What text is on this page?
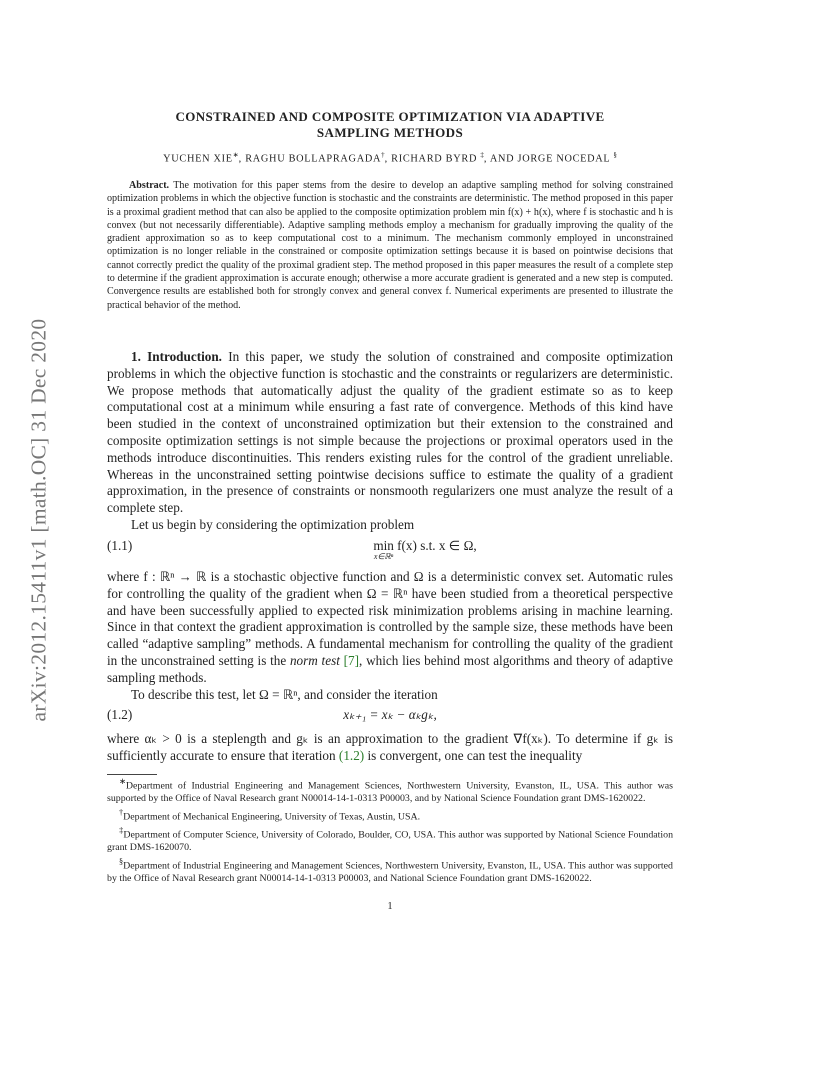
arXiv:2012.15411v1 [math.OC] 31 Dec 2020
CONSTRAINED AND COMPOSITE OPTIMIZATION VIA ADAPTIVE
SAMPLING METHODS
YUCHEN XIE∗, RAGHU BOLLAPRAGADA†, RICHARD BYRD ‡, AND JORGE NOCEDAL §
Abstract. The motivation for this paper stems from the desire to develop an adaptive sampling method for solving constrained optimization problems in which the objective function is stochastic and the constraints are deterministic. The method proposed in this paper is a proximal gradient method that can also be applied to the composite optimization problem min f(x) + h(x), where f is stochastic and h is convex (but not necessarily differentiable). Adaptive sampling methods employ a mechanism for gradually improving the quality of the gradient approximation so as to keep computational cost to a minimum. The mechanism commonly employed in unconstrained optimization is no longer reliable in the constrained or composite optimization settings because it is based on pointwise decisions that cannot correctly predict the quality of the proximal gradient step. The method proposed in this paper measures the result of a complete step to determine if the gradient approximation is accurate enough; otherwise a more accurate gradient is generated and a new step is computed. Convergence results are established both for strongly convex and general convex f. Numerical experiments are presented to illustrate the practical behavior of the method.
1. Introduction. In this paper, we study the solution of constrained and composite optimization problems in which the objective function is stochastic and the constraints or regularizers are deterministic. We propose methods that automatically adjust the quality of the gradient estimate so as to keep computational cost at a minimum while ensuring a fast rate of convergence. Methods of this kind have been studied in the context of unconstrained optimization but their extension to the constrained and composite optimization settings is not simple because the projections or proximal operators used in the methods introduce discontinuities. This renders existing rules for the control of the gradient unreliable. Whereas in the unconstrained setting pointwise decisions suffice to estimate the quality of a gradient approximation, in the presence of constraints or nonsmooth regularizers one must analyze the result of a complete step.
Let us begin by considering the optimization problem
(1.1)	min
x∈ℝⁿ
f(x) s.t. x ∈ Ω,
where f : ℝⁿ → ℝ is a stochastic objective function and Ω is a deterministic convex set. Automatic rules for controlling the quality of the gradient when Ω = ℝⁿ have been studied from a theoretical perspective and have been successfully applied to expected risk minimization problems arising in machine learning. Since in that context the gradient approximation is controlled by the sample size, these methods have been called “adaptive sampling” methods. A fundamental mechanism for controlling the quality of the gradient in the unconstrained setting is the norm test [7], which lies behind most algorithms and theory of adaptive sampling methods.
To describe this test, let Ω = ℝⁿ, and consider the iteration
(1.2)	xₖ₊₁ = xₖ − αₖgₖ,
where αₖ > 0 is a steplength and gₖ is an approximation to the gradient ∇f(xₖ). To determine if gₖ is sufficiently accurate to ensure that iteration (1.2) is convergent, one can test the inequality

∗Department of Industrial Engineering and Management Sciences, Northwestern University, Evanston, IL, USA. This author was supported by the Office of Naval Research grant N00014-14-1-0313 P00003, and by National Science Foundation grant DMS-1620022.

†Department of Mechanical Engineering, University of Texas, Austin, USA.

‡Department of Computer Science, University of Colorado, Boulder, CO, USA. This author was supported by National Science Foundation grant DMS-1620070.

§Department of Industrial Engineering and Management Sciences, Northwestern University, Evanston, IL, USA. This author was supported by the Office of Naval Research grant N00014-14-1-0313 P00003, and National Science Foundation grant DMS-1620022.

1
